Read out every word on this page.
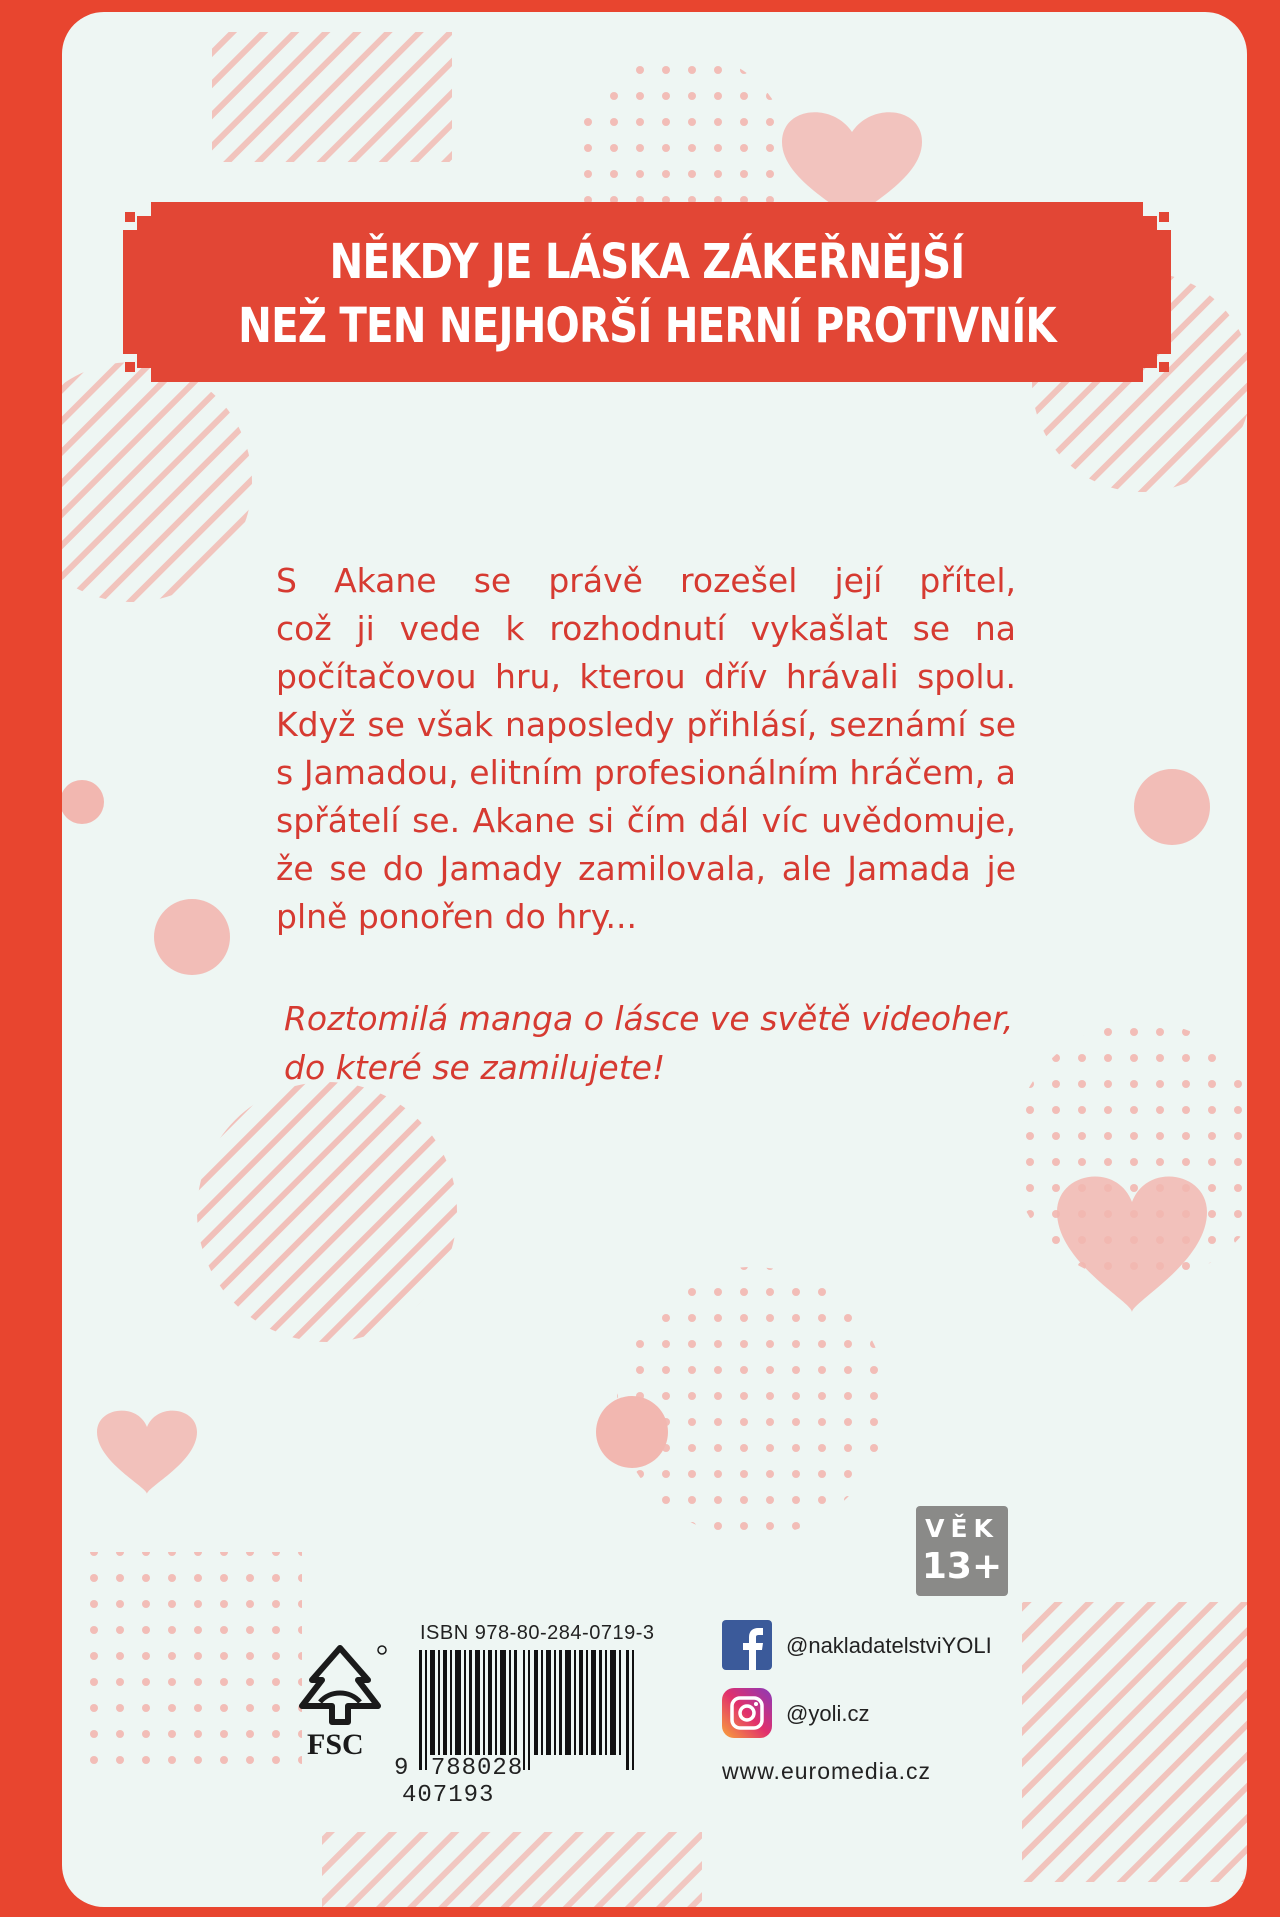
NĚKDY JE LÁSKA ZÁKEŘNĚJŠÍ
NEŽ TEN NEJHORŠÍ HERNÍ PROTIVNÍK

S Akane se právě rozešel její přítel,

což ji vede k rozhodnutí vykašlat se na počítačovou hru, kterou dřív hrávali spolu. Když se však naposledy přihlásí, seznámí se s Jamadou, elitním profesionálním hráčem, a spřátelí se. Akane si čím dál víc uvědomuje, že se do Jamady zamilovala, ale Jamada je plně ponořen do hry...

Roztomilá manga o lásce ve světě videoher,
do které se zamilujete!
VĚK
13+
FSC
ISBN 978-80-284-0719-3
9 788028 407193
@nakladatelstviYOLI
@yoli.cz
www.euromedia.cz
